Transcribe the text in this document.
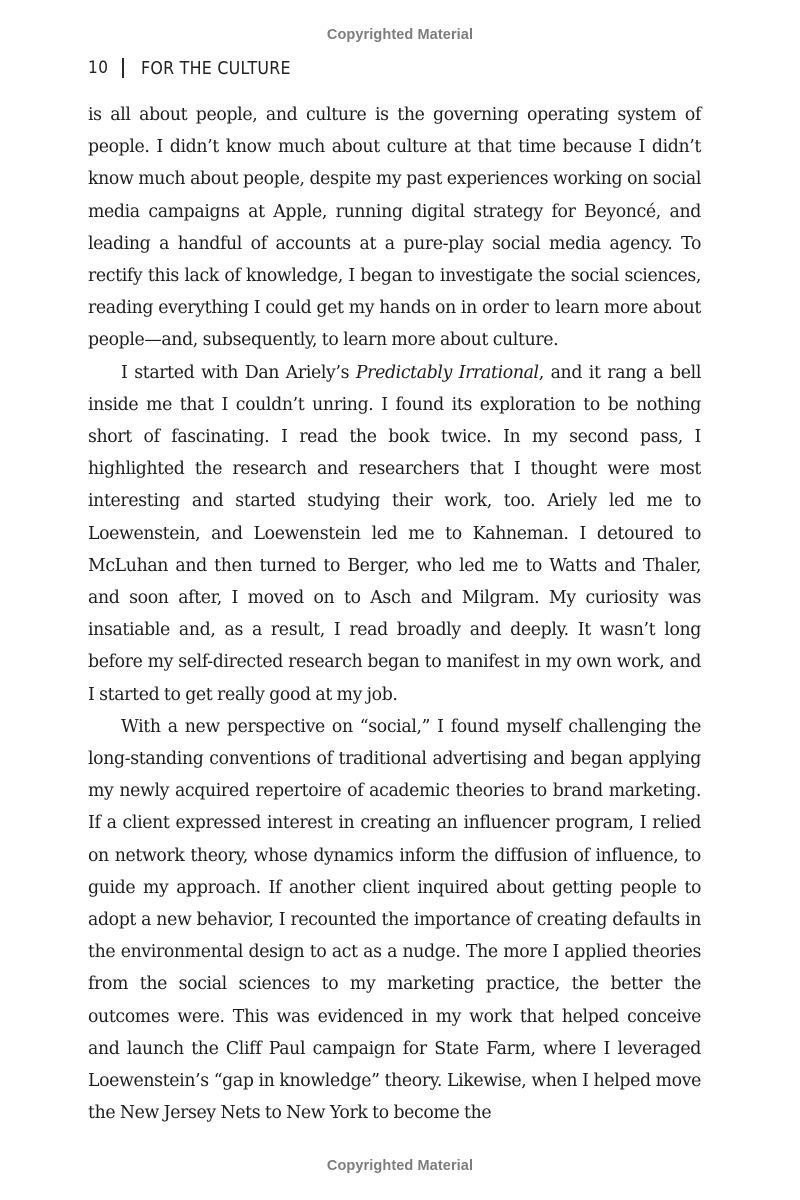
Copyrighted Material
10 FOR THE CULTURE

is all about people, and culture is the governing operating system of people. I didn’t know much about culture at that time because I didn’t know much about people, despite my past experiences working on social media campaigns at Apple, running digital strategy for Beyoncé, and leading a handful of accounts at a pure-play social media agency. To rectify this lack of knowledge, I began to investigate the social sciences, reading everything I could get my hands on in order to learn more about people—and, subsequently, to learn more about culture.

I started with Dan Ariely’s Predictably Irrational, and it rang a bell inside me that I couldn’t unring. I found its exploration to be nothing short of fascinating. I read the book twice. In my second pass, I highlighted the research and researchers that I thought were most interesting and started studying their work, too. Ariely led me to Loewenstein, and Loewenstein led me to Kahneman. I detoured to McLuhan and then turned to Berger, who led me to Watts and Thaler, and soon after, I moved on to Asch and Milgram. My curiosity was insatiable and, as a result, I read broadly and deeply. It wasn’t long before my self-directed research began to manifest in my own work, and I started to get really good at my job.

With a new perspective on “social,” I found myself challenging the long-standing conventions of traditional advertising and began applying my newly acquired repertoire of academic theories to brand marketing. If a client expressed interest in creating an influencer program, I relied on network theory, whose dynamics inform the diffusion of influence, to guide my approach. If another client inquired about getting people to adopt a new behavior, I recounted the importance of creating defaults in the environmental design to act as a nudge. The more I applied theories from the social sciences to my marketing practice, the better the outcomes were. This was evidenced in my work that helped conceive and launch the Cliff Paul campaign for State Farm, where I leveraged Loewenstein’s “gap in knowledge” theory. Likewise, when I helped move the New Jersey Nets to New York to become the

Copyrighted Material
